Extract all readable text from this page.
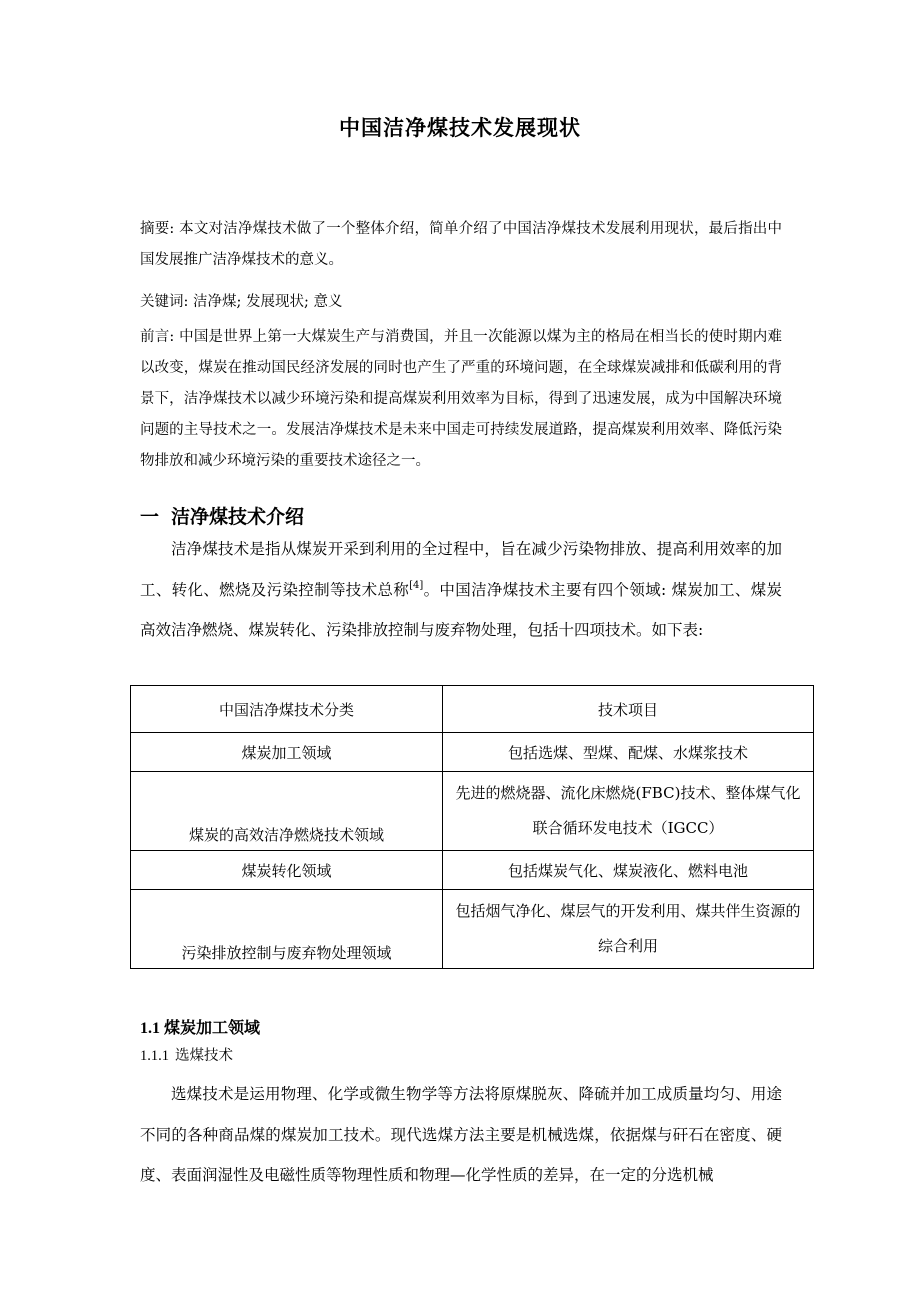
中国洁净煤技术发展现状

摘要: 本文对洁净煤技术做了一个整体介绍，简单介绍了中国洁净煤技术发展利用现状，最后指出中国发展推广洁净煤技术的意义。

关键词: 洁净煤; 发展现状; 意义

前言: 中国是世界上第一大煤炭生产与消费国，并且一次能源以煤为主的格局在相当长的使时期内难以改变，煤炭在推动国民经济发展的同时也产生了严重的环境问题，在全球煤炭减排和低碳利用的背景下，洁净煤技术以减少环境污染和提高煤炭利用效率为目标，得到了迅速发展，成为中国解决环境问题的主导技术之一。发展洁净煤技术是未来中国走可持续发展道路，提高煤炭利用效率、降低污染物排放和减少环境污染的重要技术途径之一。

一 洁净煤技术介绍

洁净煤技术是指从煤炭开采到利用的全过程中，旨在减少污染物排放、提高利用效率的加工、转化、燃烧及污染控制等技术总称[4]。中国洁净煤技术主要有四个领域: 煤炭加工、煤炭高效洁净燃烧、煤炭转化、污染排放控制与废弃物处理，包括十四项技术。如下表:

中国洁净煤技术分类	技术项目
煤炭加工领域	包括选煤、型煤、配煤、水煤浆技术
煤炭的高效洁净燃烧技术领域	先进的燃烧器、流化床燃烧(FBC)技术、整体煤气化联合循环发电技术（IGCC）
煤炭转化领域	包括煤炭气化、煤炭液化、燃料电池
污染排放控制与废弃物处理领域	包括烟气净化、煤层气的开发利用、煤共伴生资源的综合利用
1.1 煤炭加工领域
1.1.1 选煤技术

选煤技术是运用物理、化学或微生物学等方法将原煤脱灰、降硫并加工成质量均匀、用途不同的各种商品煤的煤炭加工技术。现代选煤方法主要是机械选煤，依据煤与矸石在密度、硬度、表面润湿性及电磁性质等物理性质和物理—化学性质的差异，在一定的分选机械
